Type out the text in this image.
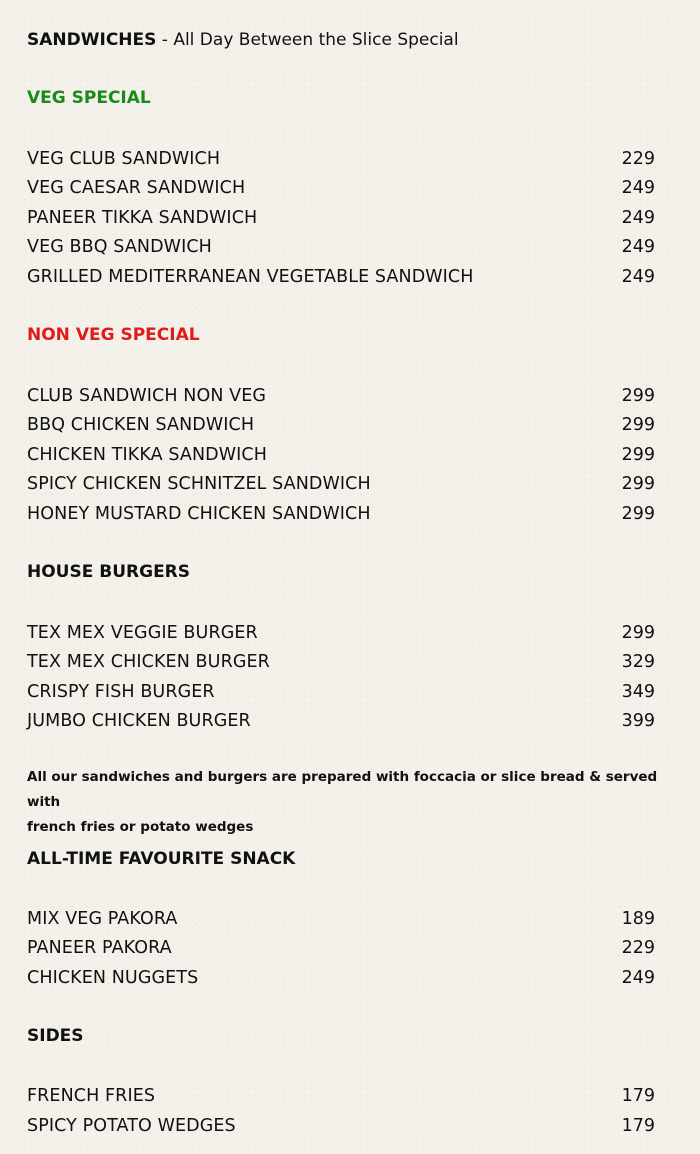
SANDWICHES - All Day Between the Slice Special
VEG SPECIAL
VEG CLUB SANDWICH	229
VEG CAESAR SANDWICH	249
PANEER TIKKA SANDWICH	249
VEG BBQ SANDWICH	249
GRILLED MEDITERRANEAN VEGETABLE SANDWICH	249
NON VEG SPECIAL
CLUB SANDWICH NON VEG	299
BBQ CHICKEN SANDWICH	299
CHICKEN TIKKA SANDWICH	299
SPICY CHICKEN SCHNITZEL SANDWICH	299
HONEY MUSTARD CHICKEN SANDWICH	299
HOUSE BURGERS
TEX MEX VEGGIE BURGER	299
TEX MEX CHICKEN BURGER	329
CRISPY FISH BURGER	349
JUMBO CHICKEN BURGER	399
All our sandwiches and burgers are prepared with foccacia or slice bread & served with
french fries or potato wedges
ALL-TIME FAVOURITE SNACK
MIX VEG PAKORA	189
PANEER PAKORA	229
CHICKEN NUGGETS	249
SIDES
FRENCH FRIES	179
SPICY POTATO WEDGES	179
